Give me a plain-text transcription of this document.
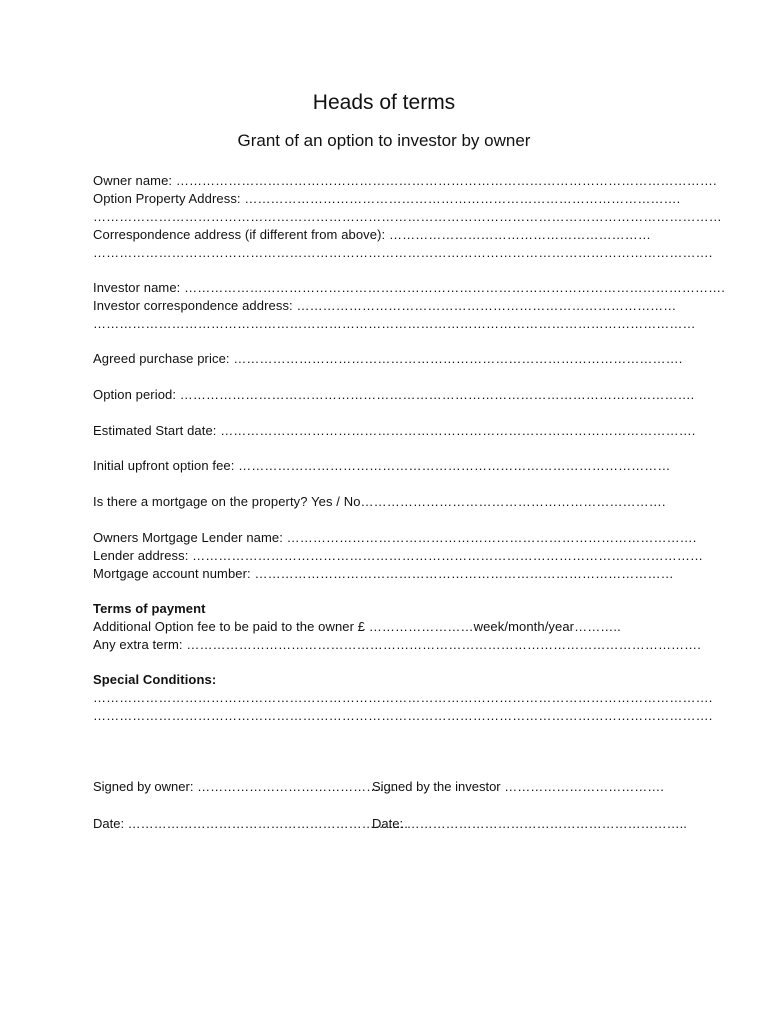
Heads of terms
Grant of an option to investor by owner
Owner name: …………………………………………………………………………………………………………….
Option Property Address: ……………………………………………………………………………………….
………………………………………………………………………………………………………………………………
Correspondence address (if different from above): ……………………………………………………
…………………………………………………………………………………………………………………………….
Investor name: …………………………………………………………………………………………………………….
Investor correspondence address: ……………………………………………………………………………
…………………………………………………………………………………………………………………………
Agreed purchase price: ………………………………………………………………………………………….
Option period: ……………………………………………………………………………………………………….
Estimated Start date: ……………………………………………………………………………………………….
Initial upfront option fee: ………………………………………………………………………………………
Is there a mortgage on the property? Yes / No…………………………………………………………….
Owners Mortgage Lender name: ………………………………………………………………………………….
Lender address: ………………………………………………………………………………………………………
Mortgage account number: ……………………………………………………………………………………
Terms of payment
Additional Option fee to be paid to the owner £ ……………………week/month/year………..
Any extra term: ……………………………………………………………………………………………………….
Special Conditions:
…………………………………………………………………………………………………………………………….
…………………………………………………………………………………………………………………………….
Signed by owner: ……………………………………….
Signed by the investor ……………………………….
Date: ………………………………………………………..
Date: ………………………………………………………..
